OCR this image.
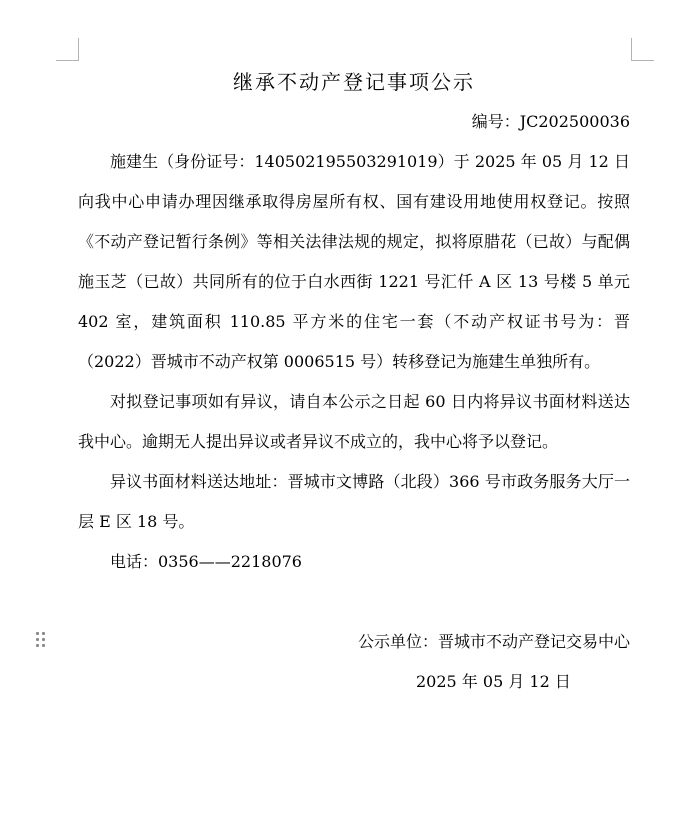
继承不动产登记事项公示

编号：JC202500036

施建生（身份证号：140502195503291019）于 2025 年 05 月 12 日向我中心申请办理因继承取得房屋所有权、国有建设用地使用权登记。按照《不动产登记暂行条例》等相关法律法规的规定，拟将原腊花（已故）与配偶施玉芝（已故）共同所有的位于白水西街 1221 号汇仟 A 区 13 号楼 5 单元 402 室，建筑面积 110.85 平方米的住宅一套（不动产权证书号为：晋（2022）晋城市不动产权第 0006515 号）转移登记为施建生单独所有。

对拟登记事项如有异议，请自本公示之日起 60 日内将异议书面材料送达我中心。逾期无人提出异议或者异议不成立的，我中心将予以登记。

异议书面材料送达地址：晋城市文博路（北段）366 号市政务服务大厅一层 E 区 18 号。

电话：0356——2218076

公示单位：晋城市不动产登记交易中心

2025 年 05 月 12 日
